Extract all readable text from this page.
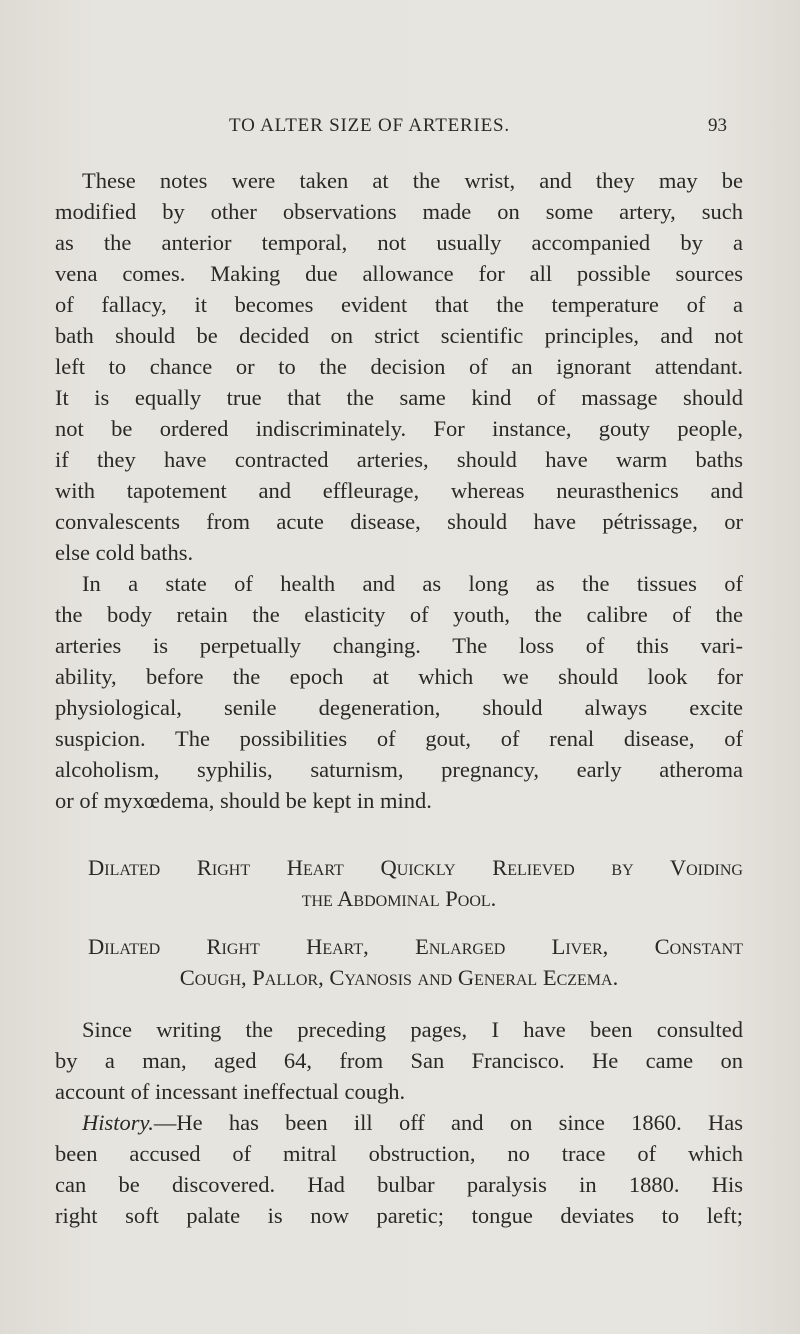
TO ALTER SIZE OF ARTERIES.	93
These notes were taken at the wrist, and they may be
modified by other observations made on some artery, such
as the anterior temporal, not usually accompanied by a
vena comes. Making due allowance for all possible sources
of fallacy, it becomes evident that the temperature of a
bath should be decided on strict scientific principles, and not
left to chance or to the decision of an ignorant attendant.
It is equally true that the same kind of massage should
not be ordered indiscriminately. For instance, gouty people,
if they have contracted arteries, should have warm baths
with tapotement and effleurage, whereas neurasthenics and
convalescents from acute disease, should have pétrissage, or
else cold baths.
In a state of health and as long as the tissues of
the body retain the elasticity of youth, the calibre of the
arteries is perpetually changing. The loss of this vari-
ability, before the epoch at which we should look for
physiological, senile degeneration, should always excite
suspicion. The possibilities of gout, of renal disease, of
alcoholism, syphilis, saturnism, pregnancy, early atheroma
or of myxœdema, should be kept in mind.
Dilated Right Heart Quickly Relieved by Voiding
the Abdominal Pool.
Dilated Right Heart, Enlarged Liver, Constant
Cough, Pallor, Cyanosis and General Eczema.
Since writing the preceding pages, I have been consulted
by a man, aged 64, from San Francisco. He came on
account of incessant ineffectual cough.
History.—He has been ill off and on since 1860. Has
been accused of mitral obstruction, no trace of which
can be discovered. Had bulbar paralysis in 1880. His
right soft palate is now paretic; tongue deviates to left;
